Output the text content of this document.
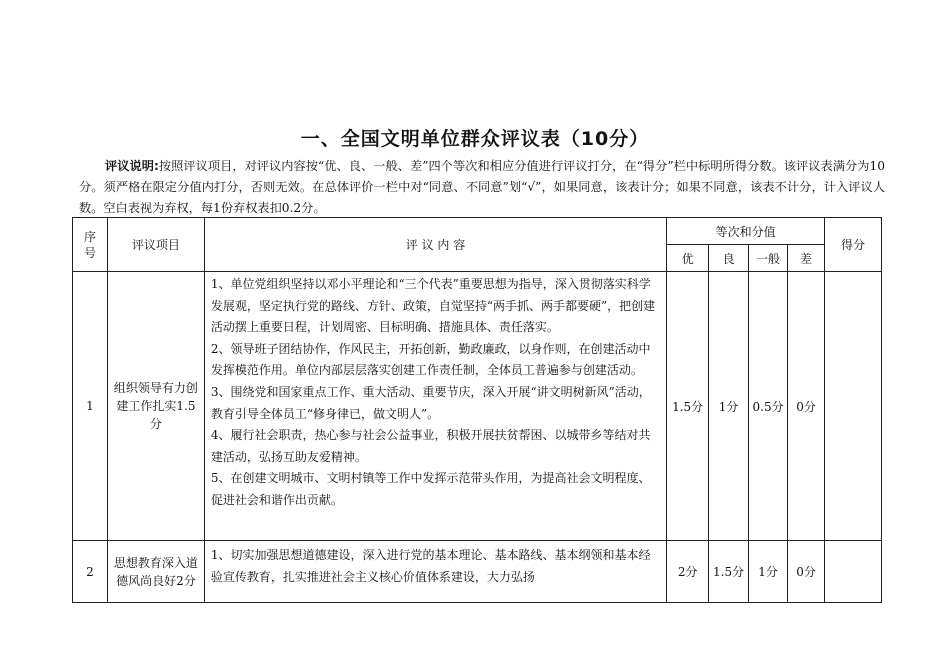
一、全国文明单位群众评议表（10分）
评议说明:按照评议项目，对评议内容按“优、良、一般、差”四个等次和相应分值进行评议打分，在“得分”栏中标明所得分数。该评议表满分为10分。须严格在限定分值内打分，否则无效。在总体评价一栏中对“同意、不同意”划“√”，如果同意，该表计分；如果不同意，该表不计分，计入评议人数。空白表视为弃权，每1份弃权表扣0.2分。
序号	评议项目	评 议 内 容	等次和分值				得分
			优	良	一般	差	
1	组织领导有力创建工作扎实1.5分	1、单位党组织坚持以邓小平理论和“三个代表”重要思想为指导，深入贯彻落实科学发展观，坚定执行党的路线、方针、政策，自觉坚持“两手抓、两手都要硬”，把创建活动摆上重要日程，计划周密、目标明确、措施具体、责任落实。
2、领导班子团结协作，作风民主，开拓创新，勤政廉政，以身作则，在创建活动中发挥模范作用。单位内部层层落实创建工作责任制，全体员工普遍参与创建活动。
3、围绕党和国家重点工作、重大活动、重要节庆，深入开展“讲文明树新风”活动，教育引导全体员工“修身律已，做文明人”。
4、履行社会职责，热心参与社会公益事业，积极开展扶贫帮困、以城带乡等结对共建活动，弘扬互助友爱精神。
5、在创建文明城市、文明村镇等工作中发挥示范带头作用，为提高社会文明程度、促进社会和谐作出贡献。	1.5分	1分	0.5分	0分	
2	思想教育深入道德风尚良好2分	1、切实加强思想道德建设，深入进行党的基本理论、基本路线、基本纲领和基本经验宣传教育，扎实推进社会主义核心价值体系建设，大力弘扬	2分	1.5分	1分	0分	
